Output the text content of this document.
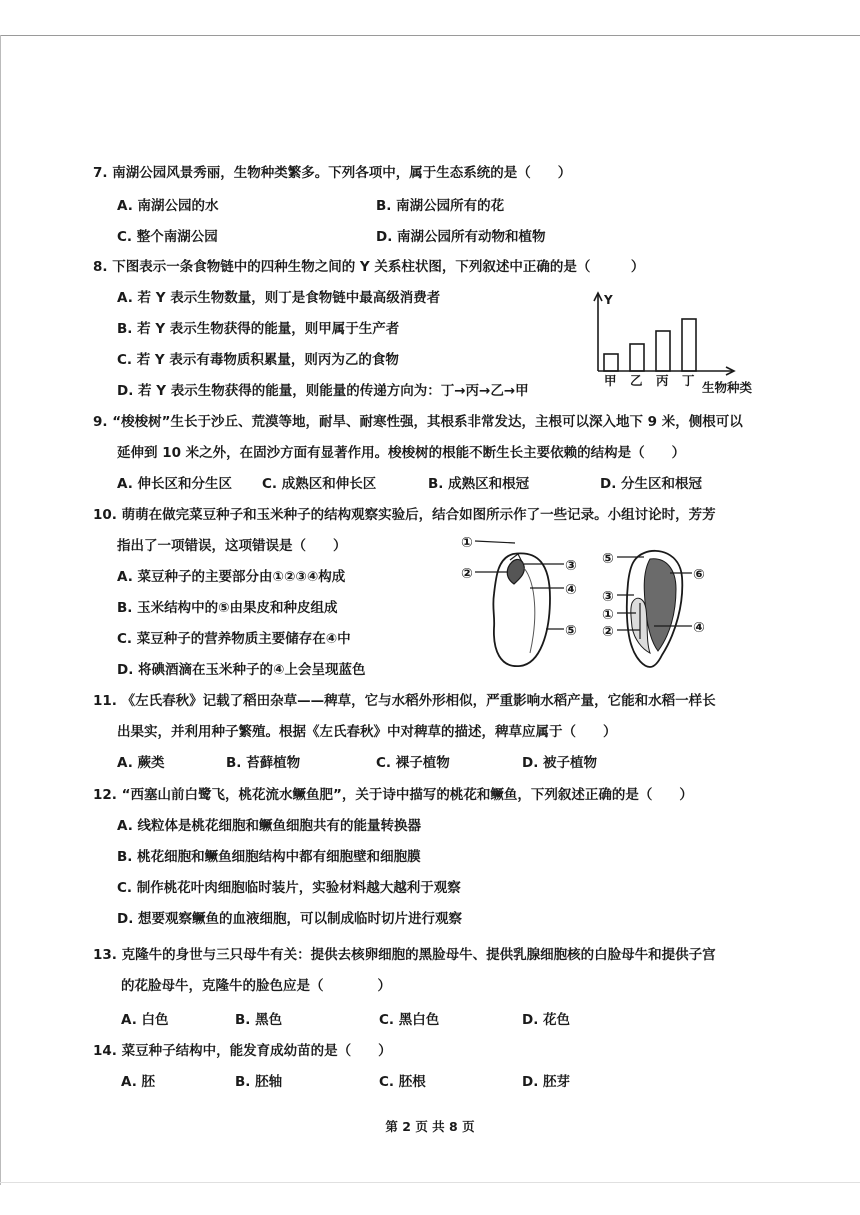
7. 南湖公园风景秀丽，生物种类繁多。下列各项中，属于生态系统的是（　　）
A. 南湖公园的水	B. 南湖公园所有的花
C. 整个南湖公园	D. 南湖公园所有动物和植物
8. 下图表示一条食物链中的四种生物之间的 Y 关系柱状图，下列叙述中正确的是（　　　）
A. 若 Y 表示生物数量，则丁是食物链中最高级消费者
B. 若 Y 表示生物获得的能量，则甲属于生产者
C. 若 Y 表示有毒物质积累量，则丙为乙的食物
D. 若 Y 表示生物获得的能量，则能量的传递方向为：丁→丙→乙→甲
Y
甲 乙 丙 丁 生物种类
9. “梭梭树”生长于沙丘、荒漠等地，耐旱、耐寒性强，其根系非常发达，主根可以深入地下 9 米，侧根可以
延伸到 10 米之外，在固沙方面有显著作用。梭梭树的根能不断生长主要依赖的结构是（　　）
A. 伸长区和分生区 C. 成熟区和伸长区	B. 成熟区和根冠	D. 分生区和根冠
10. 萌萌在做完菜豆种子和玉米种子的结构观察实验后，结合如图所示作了一些记录。小组讨论时，芳芳
指出了一项错误，这项错误是（　　）
A. 菜豆种子的主要部分由①②③④构成
B. 玉米结构中的⑤由果皮和种皮组成
C. 菜豆种子的营养物质主要储存在④中
D. 将碘酒滴在玉米种子的④上会呈现蓝色
①
②	③
④
⑤
⑤
⑥
③
①
②	④
11. 《左氏春秋》记载了稻田杂草——稗草，它与水稻外形相似，严重影响水稻产量，它能和水稻一样长
出果实，并利用种子繁殖。根据《左氏春秋》中对稗草的描述，稗草应属于（　　）
A. 蕨类	B. 苔藓植物	C. 裸子植物	D. 被子植物
12. “西塞山前白鹭飞，桃花流水鳜鱼肥”，关于诗中描写的桃花和鳜鱼，下列叙述正确的是（　　）
A. 线粒体是桃花细胞和鳜鱼细胞共有的能量转换器
B. 桃花细胞和鳜鱼细胞结构中都有细胞壁和细胞膜
C. 制作桃花叶肉细胞临时装片，实验材料越大越利于观察
D. 想要观察鳜鱼的血液细胞，可以制成临时切片进行观察
13. 克隆牛的身世与三只母牛有关：提供去核卵细胞的黑脸母牛、提供乳腺细胞核的白脸母牛和提供子宫
的花脸母牛，克隆牛的脸色应是（　　　　）
A. 白色	B. 黑色	C. 黑白色	D. 花色
14. 菜豆种子结构中，能发育成幼苗的是（　　）
A. 胚	B. 胚轴	C. 胚根	D. 胚芽
第 2 页 共 8 页
